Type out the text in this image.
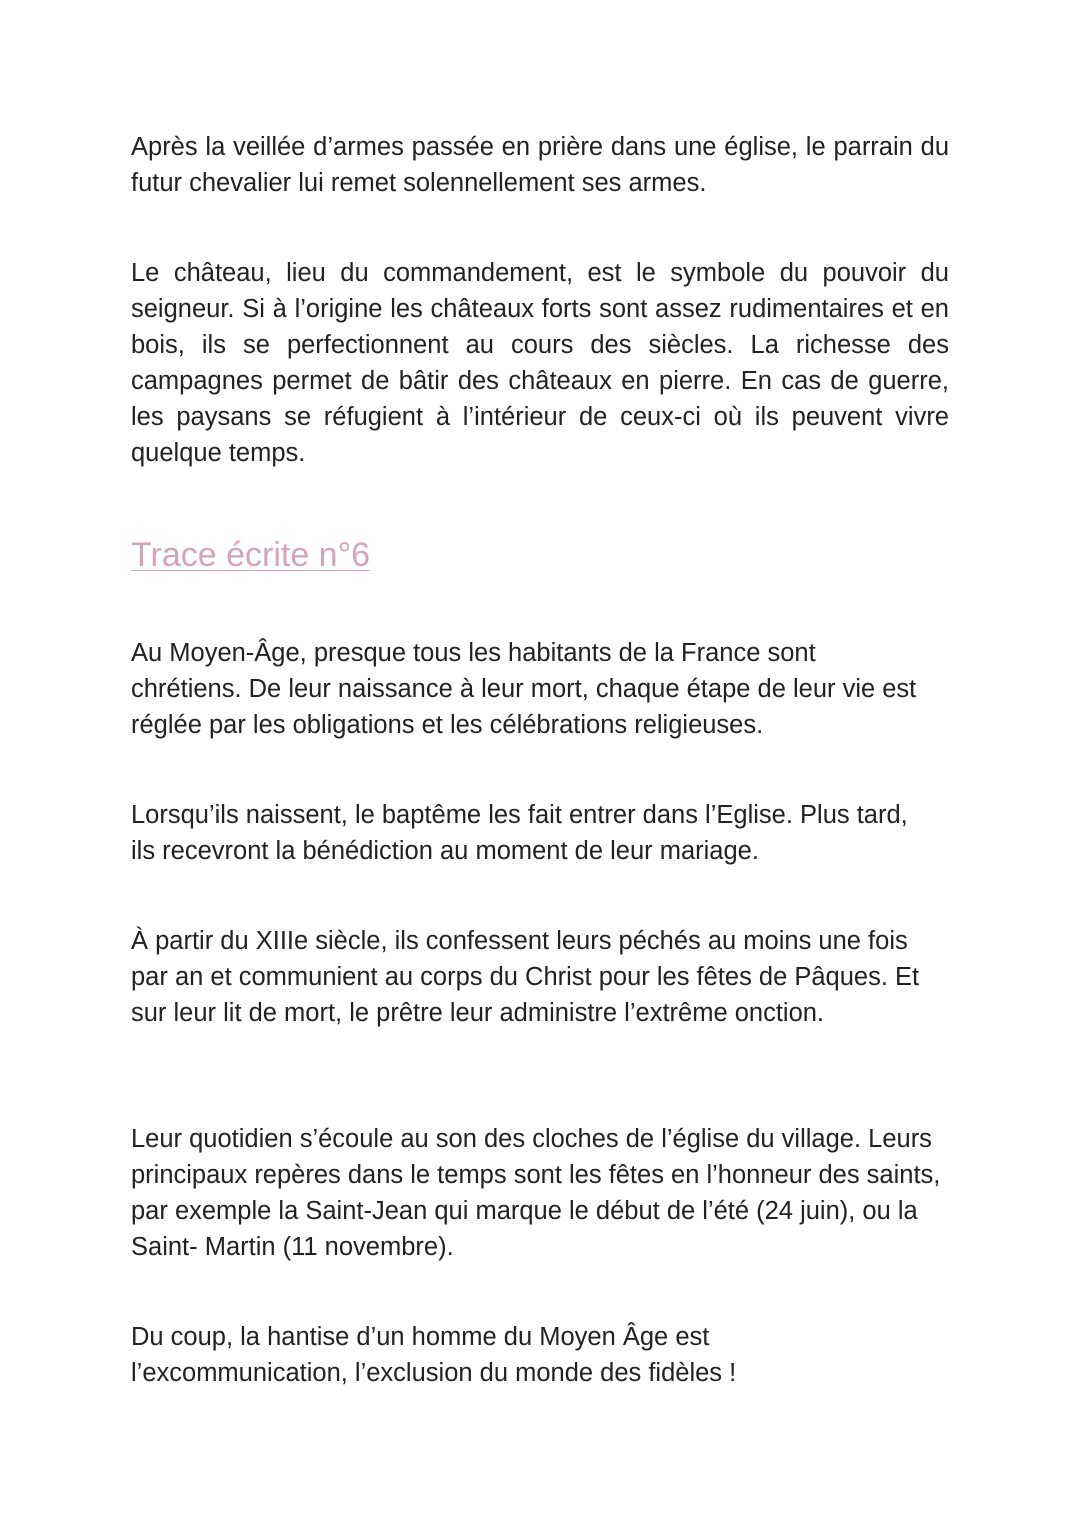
Après la veillée d’armes passée en prière dans une église, le parrain du futur chevalier lui remet solennellement ses armes.

Le château, lieu du commandement, est le symbole du pouvoir du seigneur. Si à l’origine les châteaux forts sont assez rudimentaires et en bois, ils se perfectionnent au cours des siècles. La richesse des campagnes permet de bâtir des châteaux en pierre. En cas de guerre, les paysans se réfugient à l’intérieur de ceux-ci où ils peuvent vivre quelque temps.

Trace écrite n°6

Au Moyen-Âge, presque tous les habitants de la France sont chrétiens. De leur naissance à leur mort, chaque étape de leur vie est réglée par les obligations et les célébrations religieuses.

Lorsqu’ils naissent, le baptême les fait entrer dans l’Eglise. Plus tard, ils recevront la bénédiction au moment de leur mariage.

À partir du XIIIe siècle, ils confessent leurs péchés au moins une fois par an et communient au corps du Christ pour les fêtes de Pâques. Et sur leur lit de mort, le prêtre leur administre l’extrême onction.

Leur quotidien s’écoule au son des cloches de l’église du village. Leurs principaux repères dans le temps sont les fêtes en l’honneur des saints, par exemple la Saint-Jean qui marque le début de l’été (24 juin), ou la Saint- Martin (11 novembre).

Du coup, la hantise d’un homme du Moyen Âge est l’excommunication, l’exclusion du monde des fidèles !
